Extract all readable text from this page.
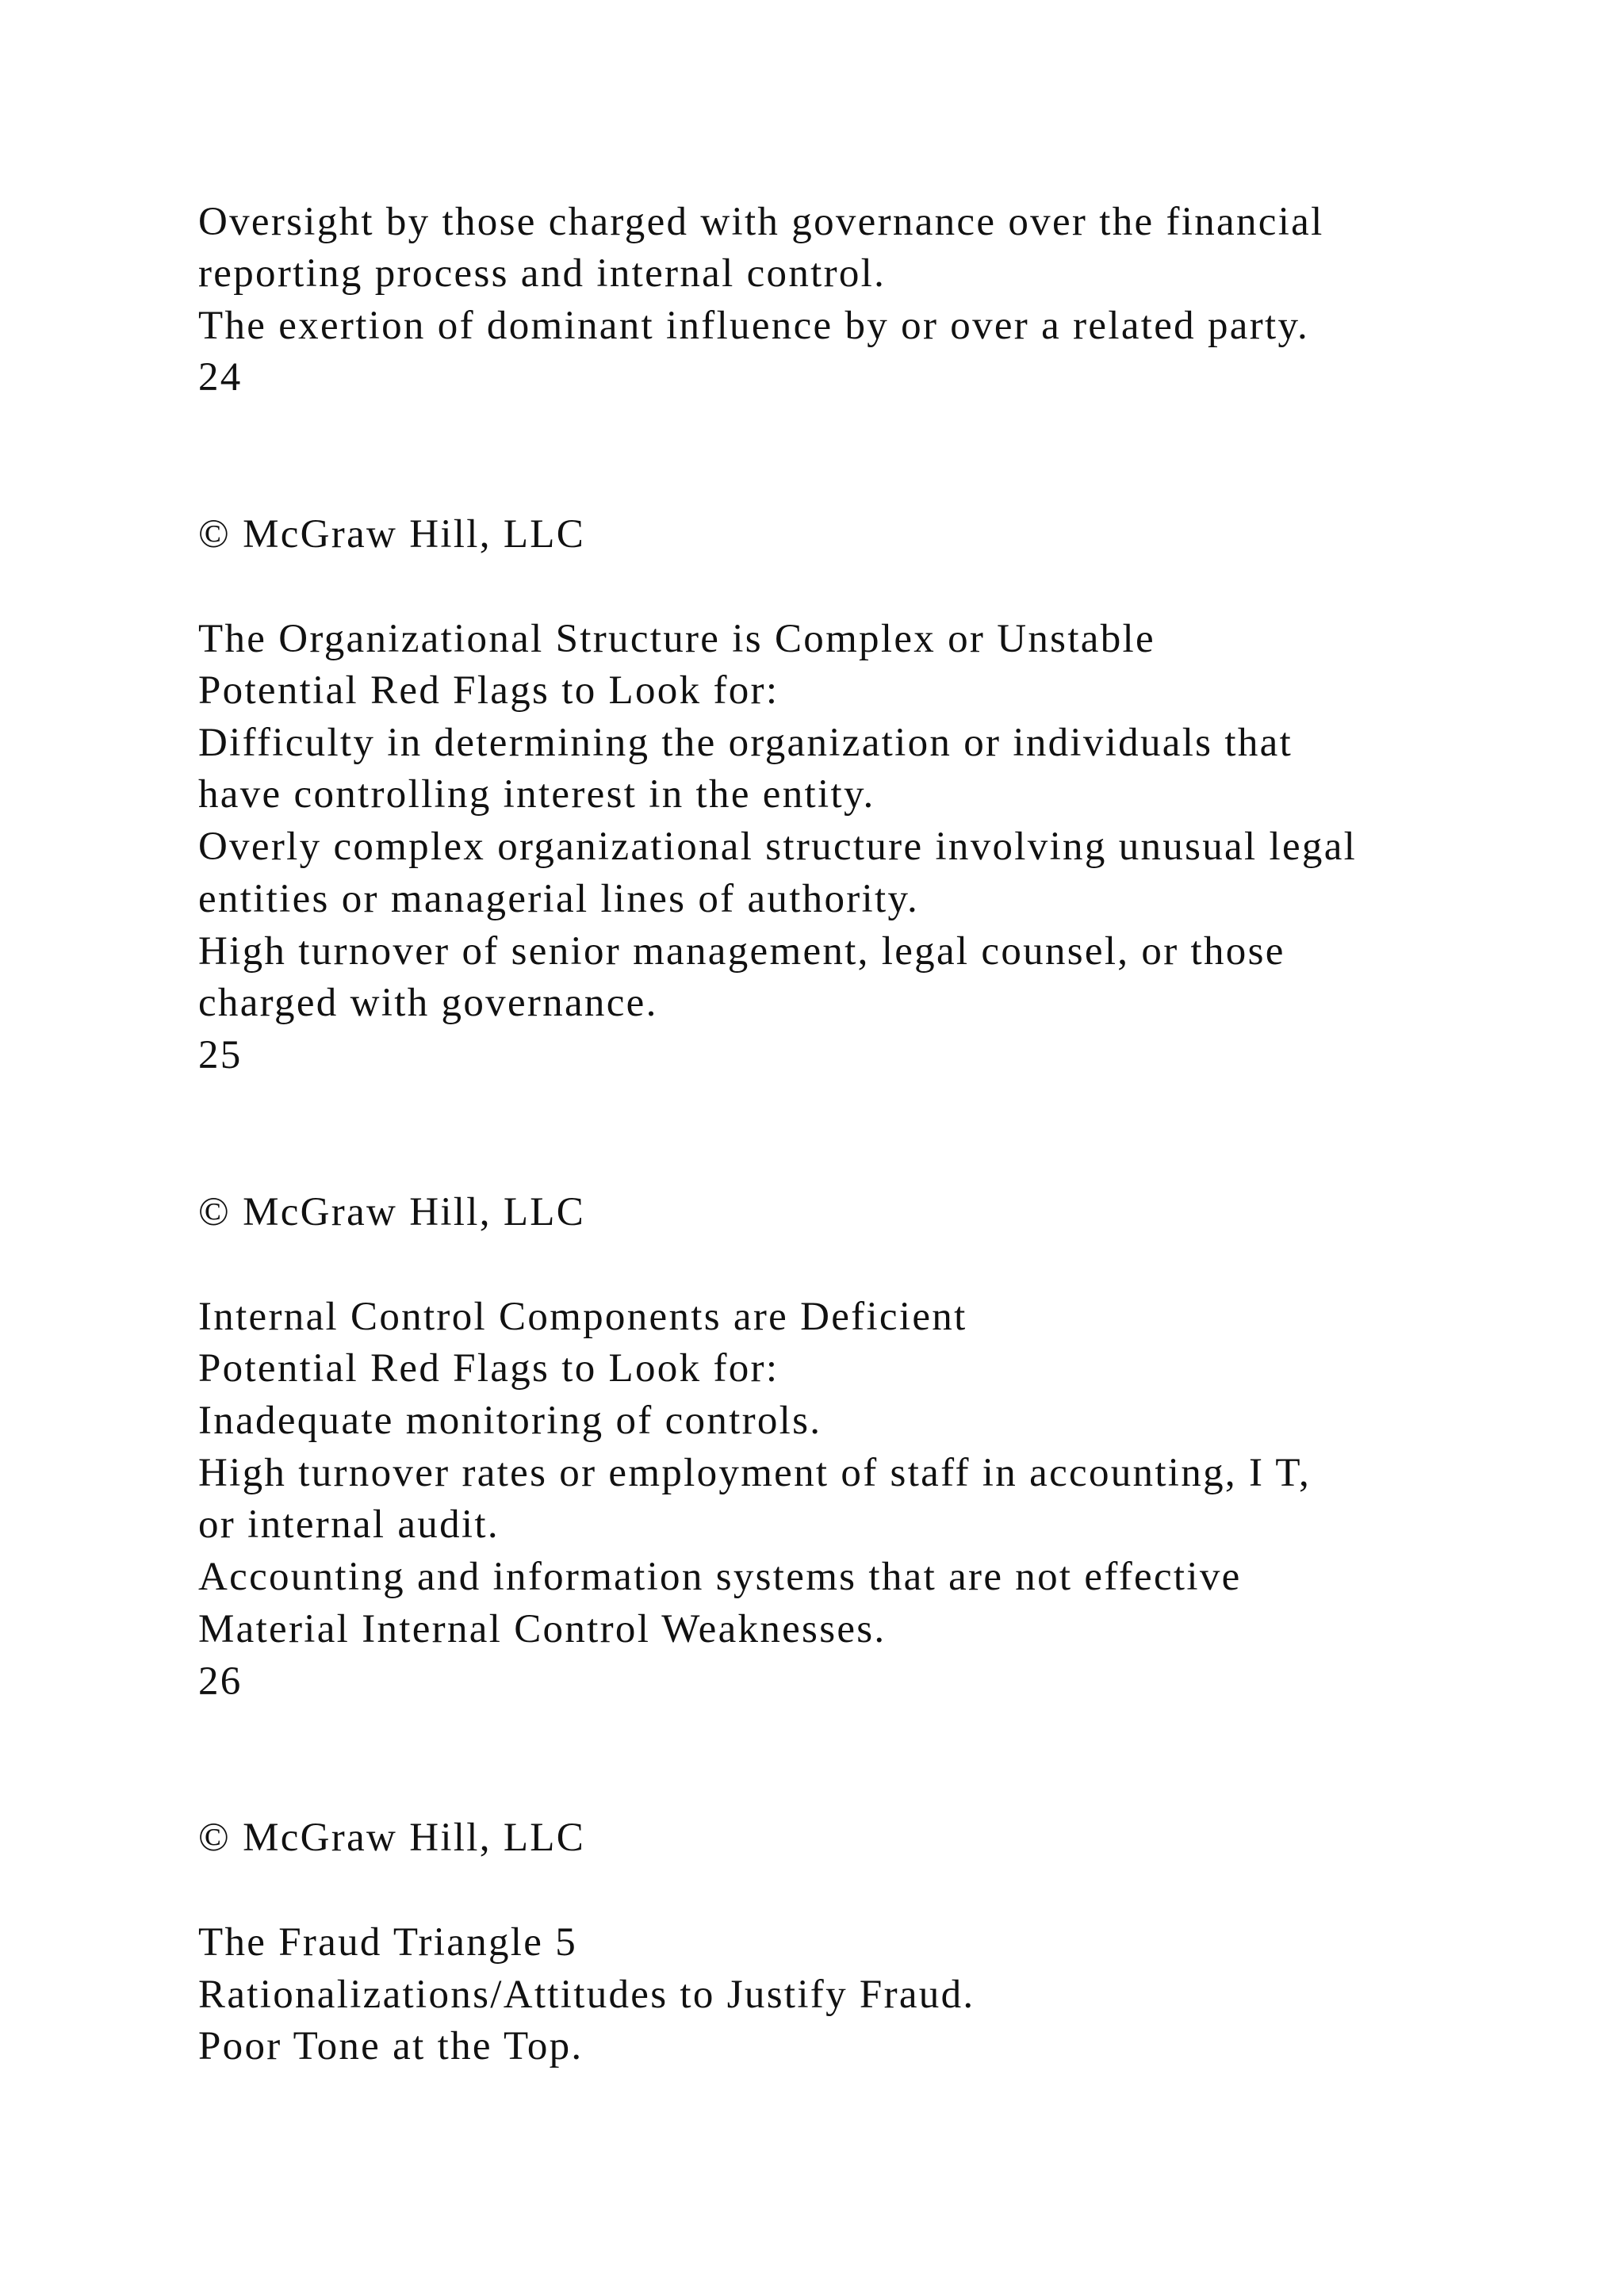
Oversight by those charged with governance over the financial

reporting process and internal control.

The exertion of dominant influence by or over a related party.

24

© McGraw Hill, LLC

The Organizational Structure is Complex or Unstable

Potential Red Flags to Look for:

Difficulty in determining the organization or individuals that

have controlling interest in the entity.

Overly complex organizational structure involving unusual legal

entities or managerial lines of authority.

High turnover of senior management, legal counsel, or those

charged with governance.

25

© McGraw Hill, LLC

Internal Control Components are Deficient

Potential Red Flags to Look for:

Inadequate monitoring of controls.

High turnover rates or employment of staff in accounting, I T,

or internal audit.

Accounting and information systems that are not effective

Material Internal Control Weaknesses.

26

© McGraw Hill, LLC

The Fraud Triangle 5

Rationalizations/Attitudes to Justify Fraud.

Poor Tone at the Top.
